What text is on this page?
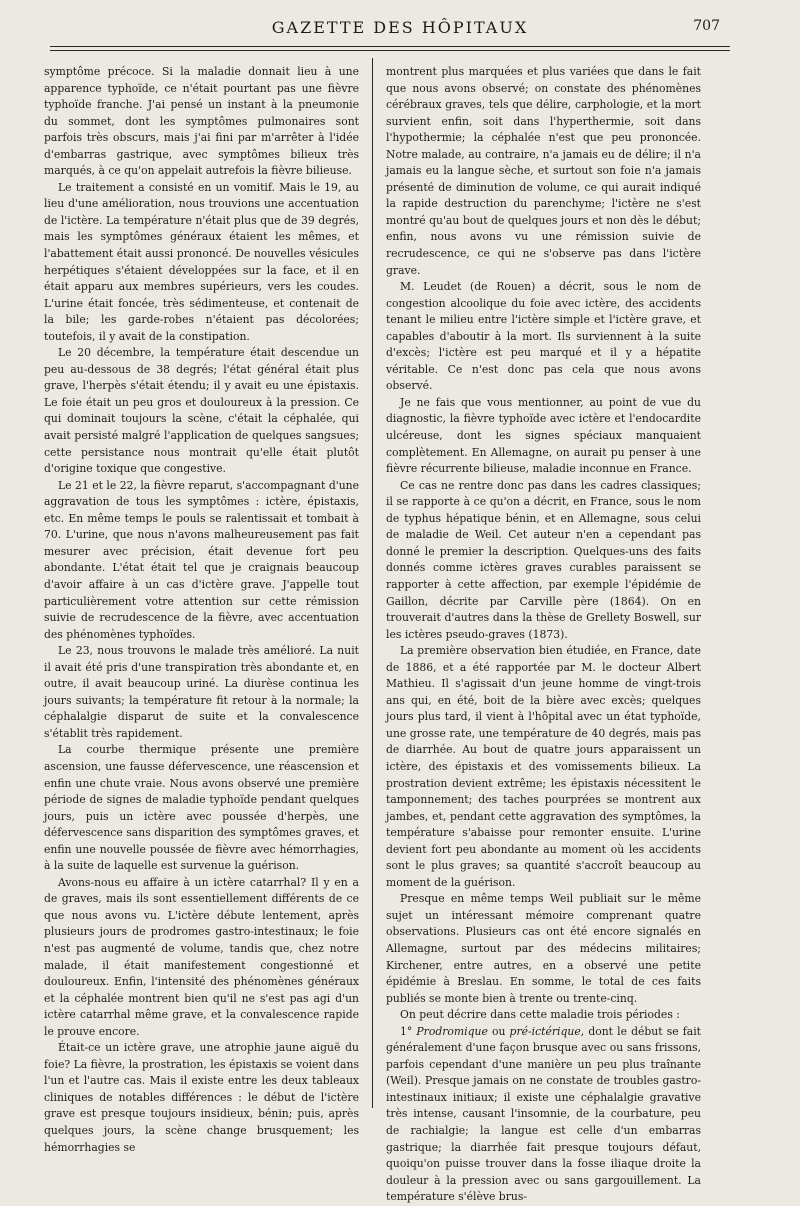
GAZETTE DES HÔPITAUX	707

symptôme précoce. Si la maladie donnait lieu à une apparence typhoïde, ce n'était pourtant pas une fièvre typhoïde franche. J'ai pensé un instant à la pneumonie du sommet, dont les symptômes pulmonaires sont parfois très obscurs, mais j'ai fini par m'arrêter à l'idée d'embarras gastrique, avec symptômes bilieux très marqués, à ce qu'on appelait autrefois la fièvre bilieuse.

Le traitement a consisté en un vomitif. Mais le 19, au lieu d'une amélioration, nous trouvions une accentuation de l'ictère. La température n'était plus que de 39 degrés, mais les symptômes généraux étaient les mêmes, et l'abattement était aussi prononcé. De nouvelles vésicules herpétiques s'étaient développées sur la face, et il en était apparu aux membres supérieurs, vers les coudes. L'urine était foncée, très sédimenteuse, et contenait de la bile; les garde-robes n'étaient pas décolorées; toutefois, il y avait de la constipation.

Le 20 décembre, la température était descendue un peu au-dessous de 38 degrés; l'état général était plus grave, l'herpès s'était étendu; il y avait eu une épistaxis. Le foie était un peu gros et douloureux à la pression. Ce qui dominait toujours la scène, c'était la céphalée, qui avait persisté malgré l'application de quelques sangsues; cette persistance nous montrait qu'elle était plutôt d'origine toxique que congestive.

Le 21 et le 22, la fièvre reparut, s'accompagnant d'une aggravation de tous les symptômes : ictère, épistaxis, etc. En même temps le pouls se ralentissait et tombait à 70. L'urine, que nous n'avons malheureusement pas fait mesurer avec précision, était devenue fort peu abondante. L'état était tel que je craignais beaucoup d'avoir affaire à un cas d'ictère grave. J'appelle tout particulièrement votre attention sur cette rémission suivie de recrudescence de la fièvre, avec accentuation des phénomènes typhoïdes.

Le 23, nous trouvons le malade très amélioré. La nuit il avait été pris d'une transpiration très abondante et, en outre, il avait beaucoup uriné. La diurèse continua les jours suivants; la température fit retour à la normale; la céphalalgie disparut de suite et la convalescence s'établit très rapidement.

La courbe thermique présente une première ascension, une fausse défervescence, une réascension et enfin une chute vraie. Nous avons observé une première période de signes de maladie typhoïde pendant quelques jours, puis un ictère avec poussée d'herpès, une défervescence sans disparition des symptômes graves, et enfin une nouvelle poussée de fièvre avec hémorrhagies, à la suite de laquelle est survenue la guérison.

Avons-nous eu affaire à un ictère catarrhal? Il y en a de graves, mais ils sont essentiellement différents de ce que nous avons vu. L'ictère débute lentement, après plusieurs jours de prodromes gastro-intestinaux; le foie n'est pas augmenté de volume, tandis que, chez notre malade, il était manifestement congestionné et douloureux. Enfin, l'intensité des phénomènes généraux et la céphalée montrent bien qu'il ne s'est pas agi d'un ictère catarrhal même grave, et la convalescence rapide le prouve encore.

Était-ce un ictère grave, une atrophie jaune aiguë du foie? La fièvre, la prostration, les épistaxis se voient dans l'un et l'autre cas. Mais il existe entre les deux tableaux cliniques de notables différences : le début de l'ictère grave est presque toujours insidieux, bénin; puis, après quelques jours, la scène change brusquement; les hémorrhagies se

montrent plus marquées et plus variées que dans le fait que nous avons observé; on constate des phénomènes cérébraux graves, tels que délire, carphologie, et la mort survient enfin, soit dans l'hyperthermie, soit dans l'hypothermie; la céphalée n'est que peu prononcée. Notre malade, au contraire, n'a jamais eu de délire; il n'a jamais eu la langue sèche, et surtout son foie n'a jamais présenté de diminution de volume, ce qui aurait indiqué la rapide destruction du parenchyme; l'ictère ne s'est montré qu'au bout de quelques jours et non dès le début; enfin, nous avons vu une rémission suivie de recrudescence, ce qui ne s'observe pas dans l'ictère grave.

M. Leudet (de Rouen) a décrit, sous le nom de congestion alcoolique du foie avec ictère, des accidents tenant le milieu entre l'ictère simple et l'ictère grave, et capables d'aboutir à la mort. Ils surviennent à la suite d'excès; l'ictère est peu marqué et il y a hépatite véritable. Ce n'est donc pas cela que nous avons observé.

Je ne fais que vous mentionner, au point de vue du diagnostic, la fièvre typhoïde avec ictère et l'endocardite ulcéreuse, dont les signes spéciaux manquaient complètement. En Allemagne, on aurait pu penser à une fièvre récurrente bilieuse, maladie inconnue en France.

Ce cas ne rentre donc pas dans les cadres classiques; il se rapporte à ce qu'on a décrit, en France, sous le nom de typhus hépatique bénin, et en Allemagne, sous celui de maladie de Weil. Cet auteur n'en a cependant pas donné le premier la description. Quelques-uns des faits donnés comme ictères graves curables paraissent se rapporter à cette affection, par exemple l'épidémie de Gaillon, décrite par Carville père (1864). On en trouverait d'autres dans la thèse de Grellety Boswell, sur les ictères pseudo-graves (1873).

La première observation bien étudiée, en France, date de 1886, et a été rapportée par M. le docteur Albert Mathieu. Il s'agissait d'un jeune homme de vingt-trois ans qui, en été, boit de la bière avec excès; quelques jours plus tard, il vient à l'hôpital avec un état typhoïde, une grosse rate, une température de 40 degrés, mais pas de diarrhée. Au bout de quatre jours apparaissent un ictère, des épistaxis et des vomissements bilieux. La prostration devient extrême; les épistaxis nécessitent le tamponnement; des taches pourprées se montrent aux jambes, et, pendant cette aggravation des symptômes, la température s'abaisse pour remonter ensuite. L'urine devient fort peu abondante au moment où les accidents sont le plus graves; sa quantité s'accroît beaucoup au moment de la guérison.

Presque en même temps Weil publiait sur le même sujet un intéressant mémoire comprenant quatre observations. Plusieurs cas ont été encore signalés en Allemagne, surtout par des médecins militaires; Kirchener, entre autres, en a observé une petite épidémie à Breslau. En somme, le total de ces faits publiés se monte bien à trente ou trente-cinq.

On peut décrire dans cette maladie trois périodes :

1° Prodromique ou pré-ictérique, dont le début se fait généralement d'une façon brusque avec ou sans frissons, parfois cependant d'une manière un peu plus traînante (Weil). Presque jamais on ne constate de troubles gastro-intestinaux initiaux; il existe une céphalalgie gravative très intense, causant l'insomnie, de la courbature, peu de rachialgie; la langue est celle d'un embarras gastrique; la diarrhée fait presque toujours défaut, quoiqu'on puisse trouver dans la fosse iliaque droite la douleur à la pression avec ou sans gargouillement. La température s'élève brus-
